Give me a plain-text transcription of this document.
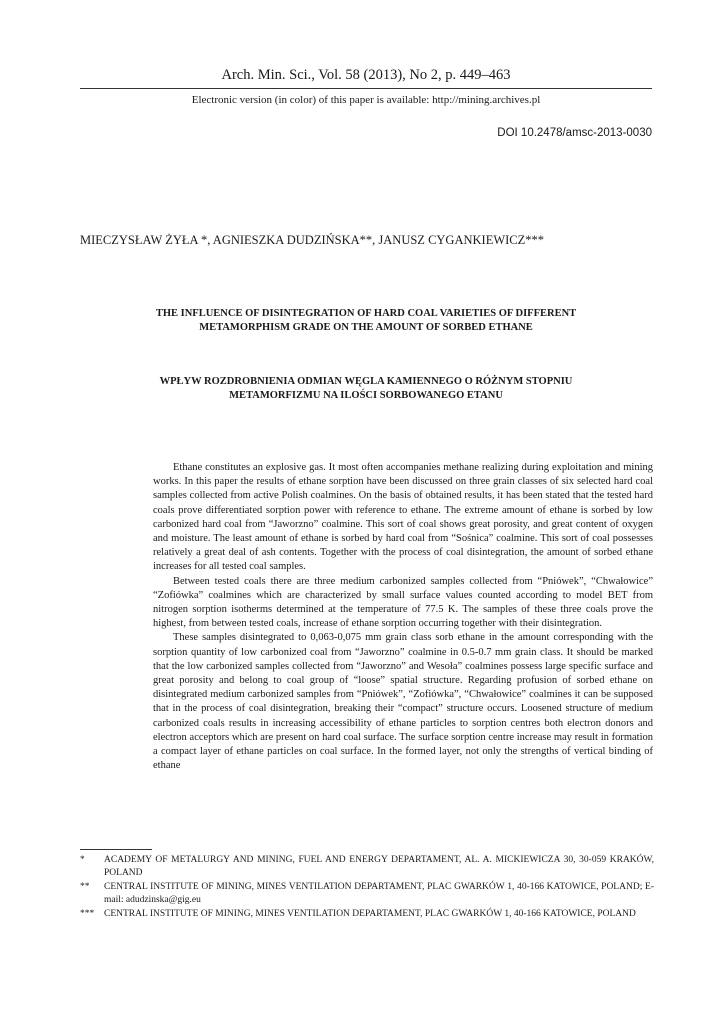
Arch. Min. Sci., Vol. 58 (2013), No 2, p. 449–463
Electronic version (in color) of this paper is available: http://mining.archives.pl
DOI 10.2478/amsc-2013-0030
MIECZYSŁAW ŻYŁA *, AGNIESZKA DUDZIŃSKA**, JANUSZ CYGANKIEWICZ***
THE INFLUENCE OF DISINTEGRATION OF HARD COAL VARIETIES OF DIFFERENT
METAMORPHISM GRADE ON THE AMOUNT OF SORBED ETHANE
WPŁYW ROZDROBNIENIA ODMIAN WĘGLA KAMIENNEGO O RÓŻNYM STOPNIU
METAMORFIZMU NA ILOŚCI SORBOWANEGO ETANU

Ethane constitutes an explosive gas. It most often accompanies methane realizing during exploitation and mining works. In this paper the results of ethane sorption have been discussed on three grain classes of six selected hard coal samples collected from active Polish coalmines. On the basis of obtained results, it has been stated that the tested hard coals prove differentiated sorption power with reference to ethane. The extreme amount of ethane is sorbed by low carbonized hard coal from “Jaworzno” coalmine. This sort of coal shows great porosity, and great content of oxygen and moisture. The least amount of ethane is sorbed by hard coal from “Sośnica” coalmine. This sort of coal possesses relatively a great deal of ash contents. Together with the process of coal disintegration, the amount of sorbed ethane increases for all tested coal samples.

Between tested coals there are three medium carbonized samples collected from “Pniówek”, “Chwałowice” “Zofiówka” coalmines which are characterized by small surface values counted according to model BET from nitrogen sorption isotherms determined at the temperature of 77.5 K. The samples of these three coals prove the highest, from between tested coals, increase of ethane sorption occurring together with their disintegration.

These samples disintegrated to 0,063-0,075 mm grain class sorb ethane in the amount corresponding with the sorption quantity of low carbonized coal from “Jaworzno” coalmine in 0.5-0.7 mm grain class. It should be marked that the low carbonized samples collected from “Jaworzno” and Wesoła” coalmines possess large specific surface and great porosity and belong to coal group of “loose” spatial structure. Regarding profusion of sorbed ethane on disintegrated medium carbonized samples from “Pniówek”, “Zofiówka”, “Chwałowice” coalmines it can be supposed that in the process of coal disintegration, breaking their “compact” structure occurs. Loosened structure of medium carbonized coals results in increasing accessibility of ethane particles to sorption centres both electron donors and electron acceptors which are present on hard coal surface. The surface sorption centre increase may result in formation a compact layer of ethane particles on coal surface. In the formed layer, not only the strengths of vertical binding of ethane

*	ACADEMY OF METALURGY AND MINING, FUEL AND ENERGY DEPARTAMENT, AL. A. MICKIEWICZA 30, 30-059 KRAKÓW, POLAND
**	CENTRAL INSTITUTE OF MINING, MINES VENTILATION DEPARTAMENT, PLAC GWARKÓW 1, 40-166 KATOWICE, POLAND; E-mail: adudzinska@gig.eu
***	CENTRAL INSTITUTE OF MINING, MINES VENTILATION DEPARTAMENT, PLAC GWARKÓW 1, 40-166 KATOWICE, POLAND
